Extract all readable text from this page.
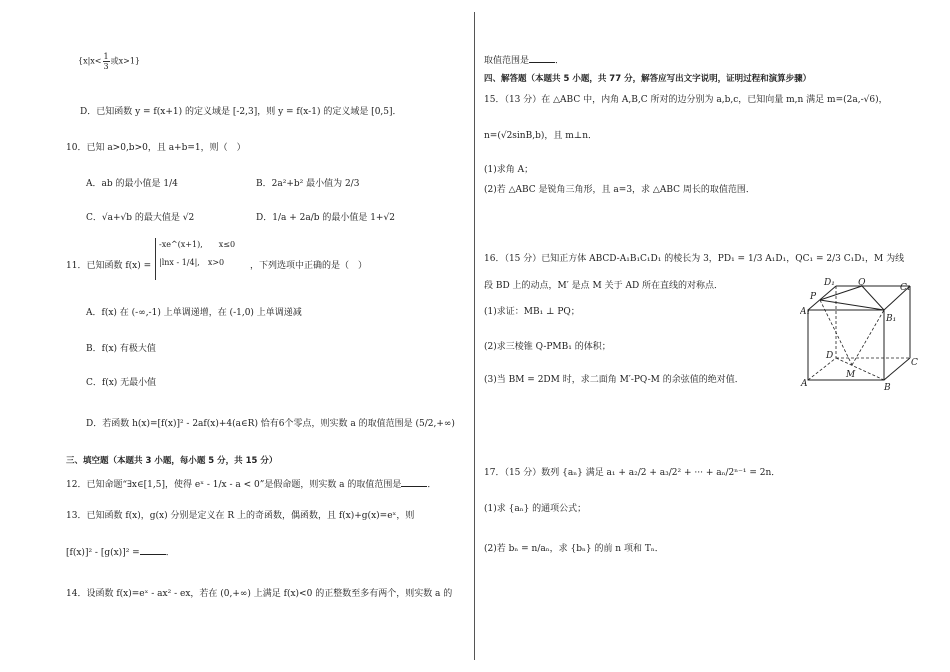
{$x|x< \frac{1}{3}$ 或x>1}
D．已知函数 y = f(x+1) 的定义域是 [-2,3]，则 y = f(x-1) 的定义域是 [0,5]．
10．已知 a>0,b>0，且 a+b=1，则（　）
A．ab 的最小值是 1/4	B．2a²+b² 最小值为 2/3
C．√a+√b 的最大值是 √2	D．1/a + 2a/b 的最小值是 1+√2
11．已知函数 f(x) =
-xe^(x+1),　　x≤0
|lnx - 1/4|,　x>0	，下列选项中正确的是（　）
A．f(x) 在 (-∞,-1) 上单调递增，在 (-1,0) 上单调递减
B．f(x) 有极大值
C．f(x) 无最小值
D．若函数 h(x)=[f(x)]² - 2af(x)+4(a∈R) 恰有6个零点，则实数 a 的取值范围是 (5/2,+∞)
三、填空题（本题共 3 小题，每小题 5 分，共 15 分）
12．已知命题“∃x∈[1,5]，使得 eˣ - 1/x - a < 0”是假命题，则实数 a 的取值范围是	．
13．已知函数 f(x)，g(x) 分别是定义在 R 上的奇函数，偶函数，且 f(x)+g(x)=eˣ，则
[f(x)]² - [g(x)]² =	．
14．设函数 f(x)=eˣ - ax² - ex，若在 (0,+∞) 上满足 f(x)<0 的正整数至多有两个，则实数 a 的
取值范围是	．
四、解答题（本题共 5 小题，共 77 分，解答应写出文字说明，证明过程和演算步骤）
15．（13 分）在 △ABC 中，内角 A,B,C 所对的边分别为 a,b,c，已知向量 m,n 满足 m=(2a,-√6)，
n=(√2sinB,b)，且 m⊥n．
(1)求角 A；
(2)若 △ABC 是锐角三角形，且 a=3，求 △ABC 周长的取值范围．
16．（15 分）已知正方体 ABCD-A₁B₁C₁D₁ 的棱长为 3，PD₁ = 1/3 A₁D₁，QC₁ = 2/3 C₁D₁，M 为线
段 BD 上的动点，M′ 是点 M 关于 AD 所在直线的对称点．
(1)求证：MB₁ ⊥ PQ；
(2)求三棱锥 Q-PMB₁ 的体积；
(3)当 BM = 2DM 时，求二面角 M′-PQ-M 的余弦值的绝对值．
17．（15 分）数列 {aₙ} 满足 a₁ + a₂/2 + a₃/2² + ··· + aₙ/2ⁿ⁻¹ = 2n．
(1)求 {aₙ} 的通项公式；
(2)若 bₙ = n/aₙ，求 {bₙ} 的前 n 项和 Tₙ．
D₁	Q	C₁
P
A₁
B₁
D
C
M
A	B
